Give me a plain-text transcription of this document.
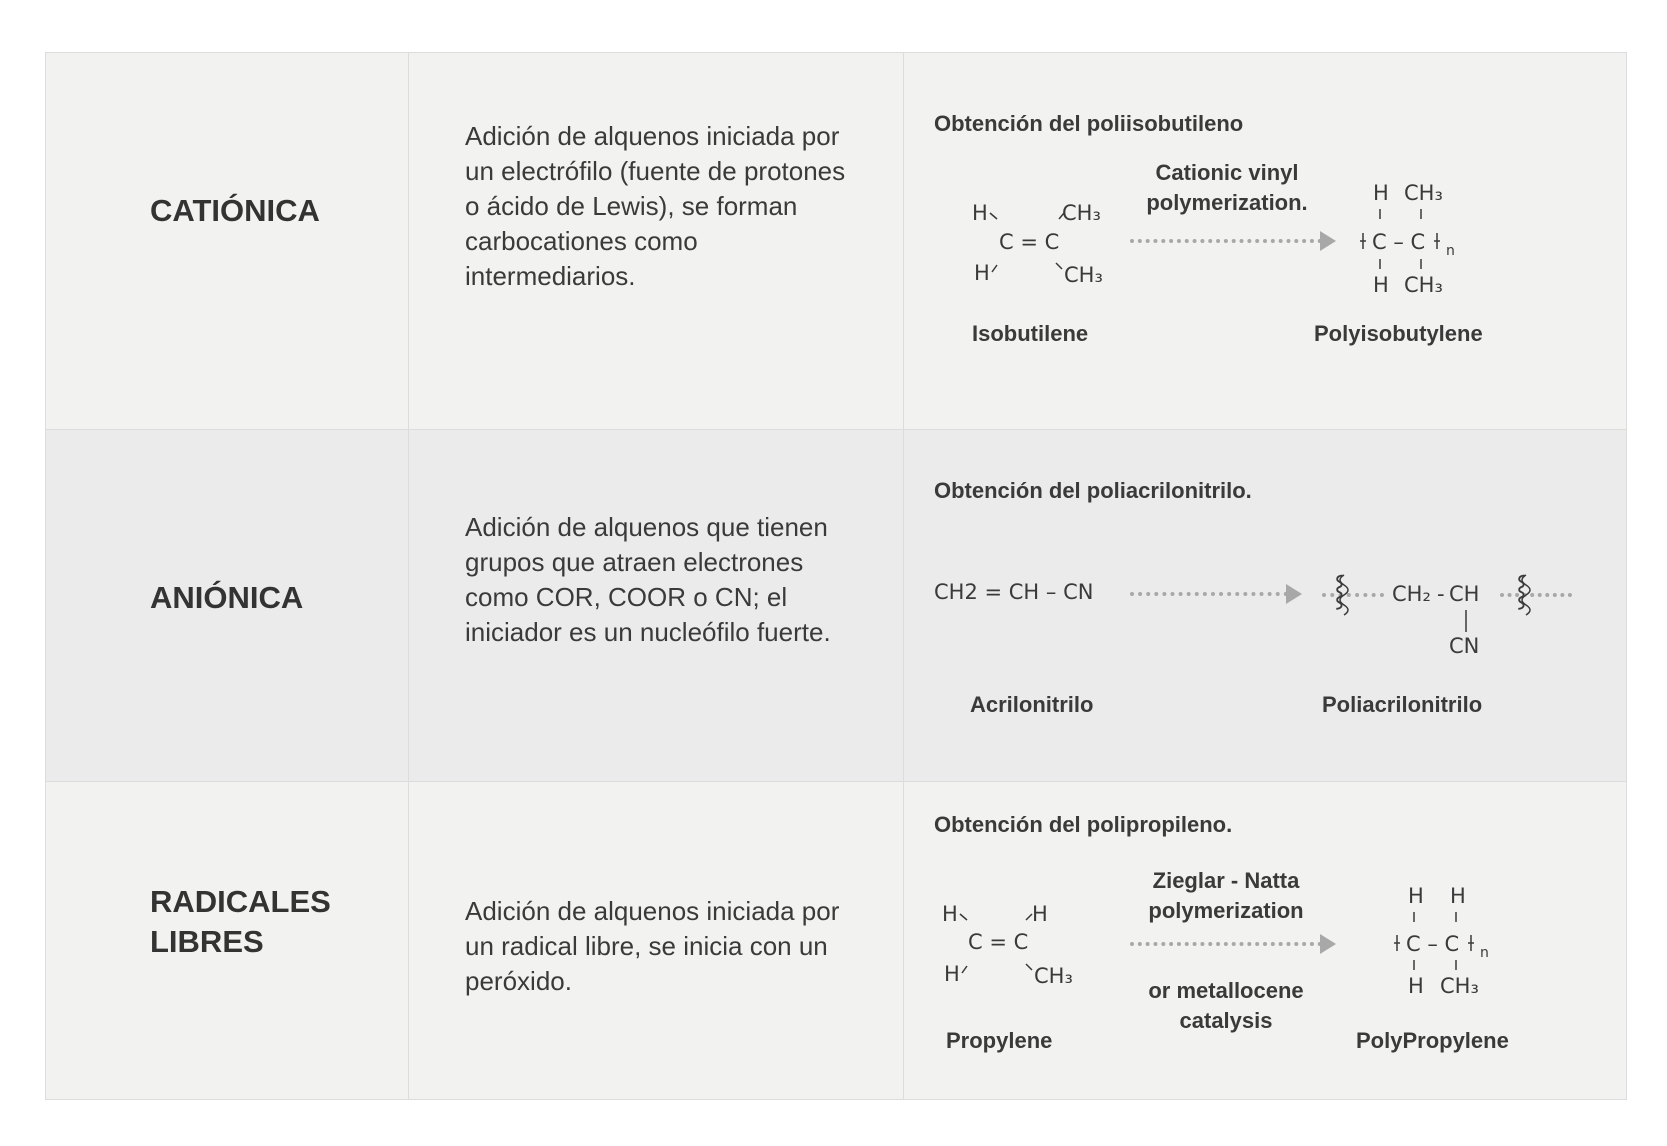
CATIÓNICA
Adición de alquenos iniciada por un electrófilo (fuente de protones o ácido de Lewis), se forman carbocationes como intermediarios.
Obtención del poliisobutileno
H
H
C = C
CH₃
CH₃
Isobutilene
Cationic vinyl polymerization.	H CH₃
C – C
H CH₃
n
Polyisobutylene
ANIÓNICA
Adición de alquenos que tienen grupos que atraen electrones como COR, COOR o CN; el iniciador es un nucleófilo fuerte.
Obtención del poliacrilonitrilo.
CH2 = CH – CN
Acrilonitrilo
⸾ CH₂ - CH
CN
⸾
Poliacrilonitrilo
RADICALES LIBRES
Adición de alquenos iniciada por un radical libre, se inicia con un peróxido.
Obtención del polipropileno.
H
H
C = C
H
CH₃
Propylene
Zieglar - Natta polymerization
or metallocene catalysis
H H
C – C
H CH₃
n
PolyPropylene
